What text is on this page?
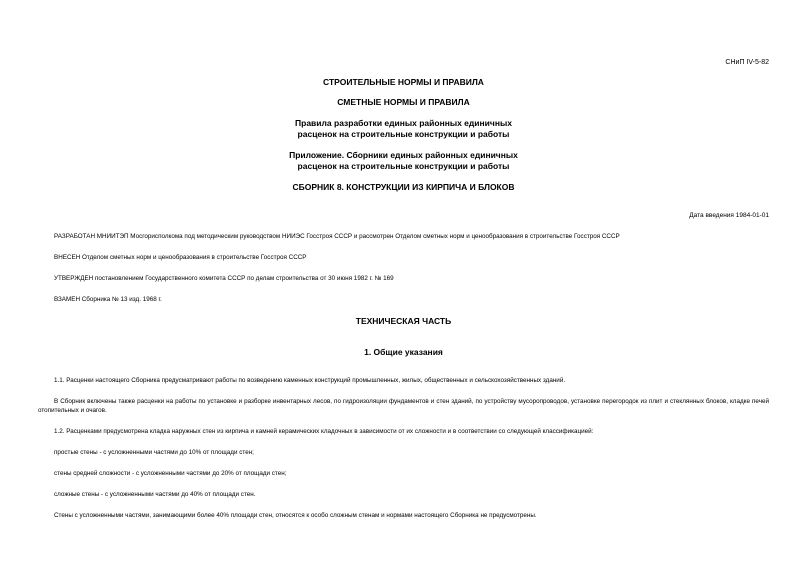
СНиП IV-5-82
СТРОИТЕЛЬНЫЕ НОРМЫ И ПРАВИЛА
СМЕТНЫЕ НОРМЫ И ПРАВИЛА
Правила разработки единых районных единичных
расценок на строительные конструкции и работы
Приложение. Сборники единых районных единичных
расценок на строительные конструкции и работы
СБОРНИК 8. КОНСТРУКЦИИ ИЗ КИРПИЧА И БЛОКОВ
Дата введения 1984-01-01
РАЗРАБОТАН МНИИТЭП Мосгорисполкома под методическим руководством НИИЭС Госстроя СССР и рассмотрен Отделом сметных норм и ценообразования в строительстве Госстроя СССР
ВНЕСЕН Отделом сметных норм и ценообразования в строительстве Госстроя СССР
УТВЕРЖДЕН постановлением Государственного комитета СССР по делам строительства от 30 июня 1982 г. № 169
ВЗАМЕН Сборника № 13 изд. 1968 г.
ТЕХНИЧЕСКАЯ ЧАСТЬ
1. Общие указания
1.1. Расценки настоящего Сборника предусматривают работы по возведению каменных конструкций промышленных, жилых, общественных и сельскохозяйственных зданий.
В Сборник включены также расценки на работы по установке и разборке инвентарных лесов, по гидроизоляции фундаментов и стен зданий, по устройству мусоропроводов, установке перегородок из плит и стеклянных блоков, кладке печей отопительных и очагов.
1.2. Расценками предусмотрена кладка наружных стен из кирпича и камней керамических кладочных в зависимости от их сложности и в соответствии со следующей классификацией:
простые стены - с усложненными частями до 10% от площади стен;
стены средней сложности - с усложненными частями до 20% от площади стен;
сложные стены - с усложненными частями до 40% от площади стен.
Стены с усложненными частями, занимающими более 40% площади стен, относятся к особо сложным стенам и нормами настоящего Сборника не предусмотрены.
